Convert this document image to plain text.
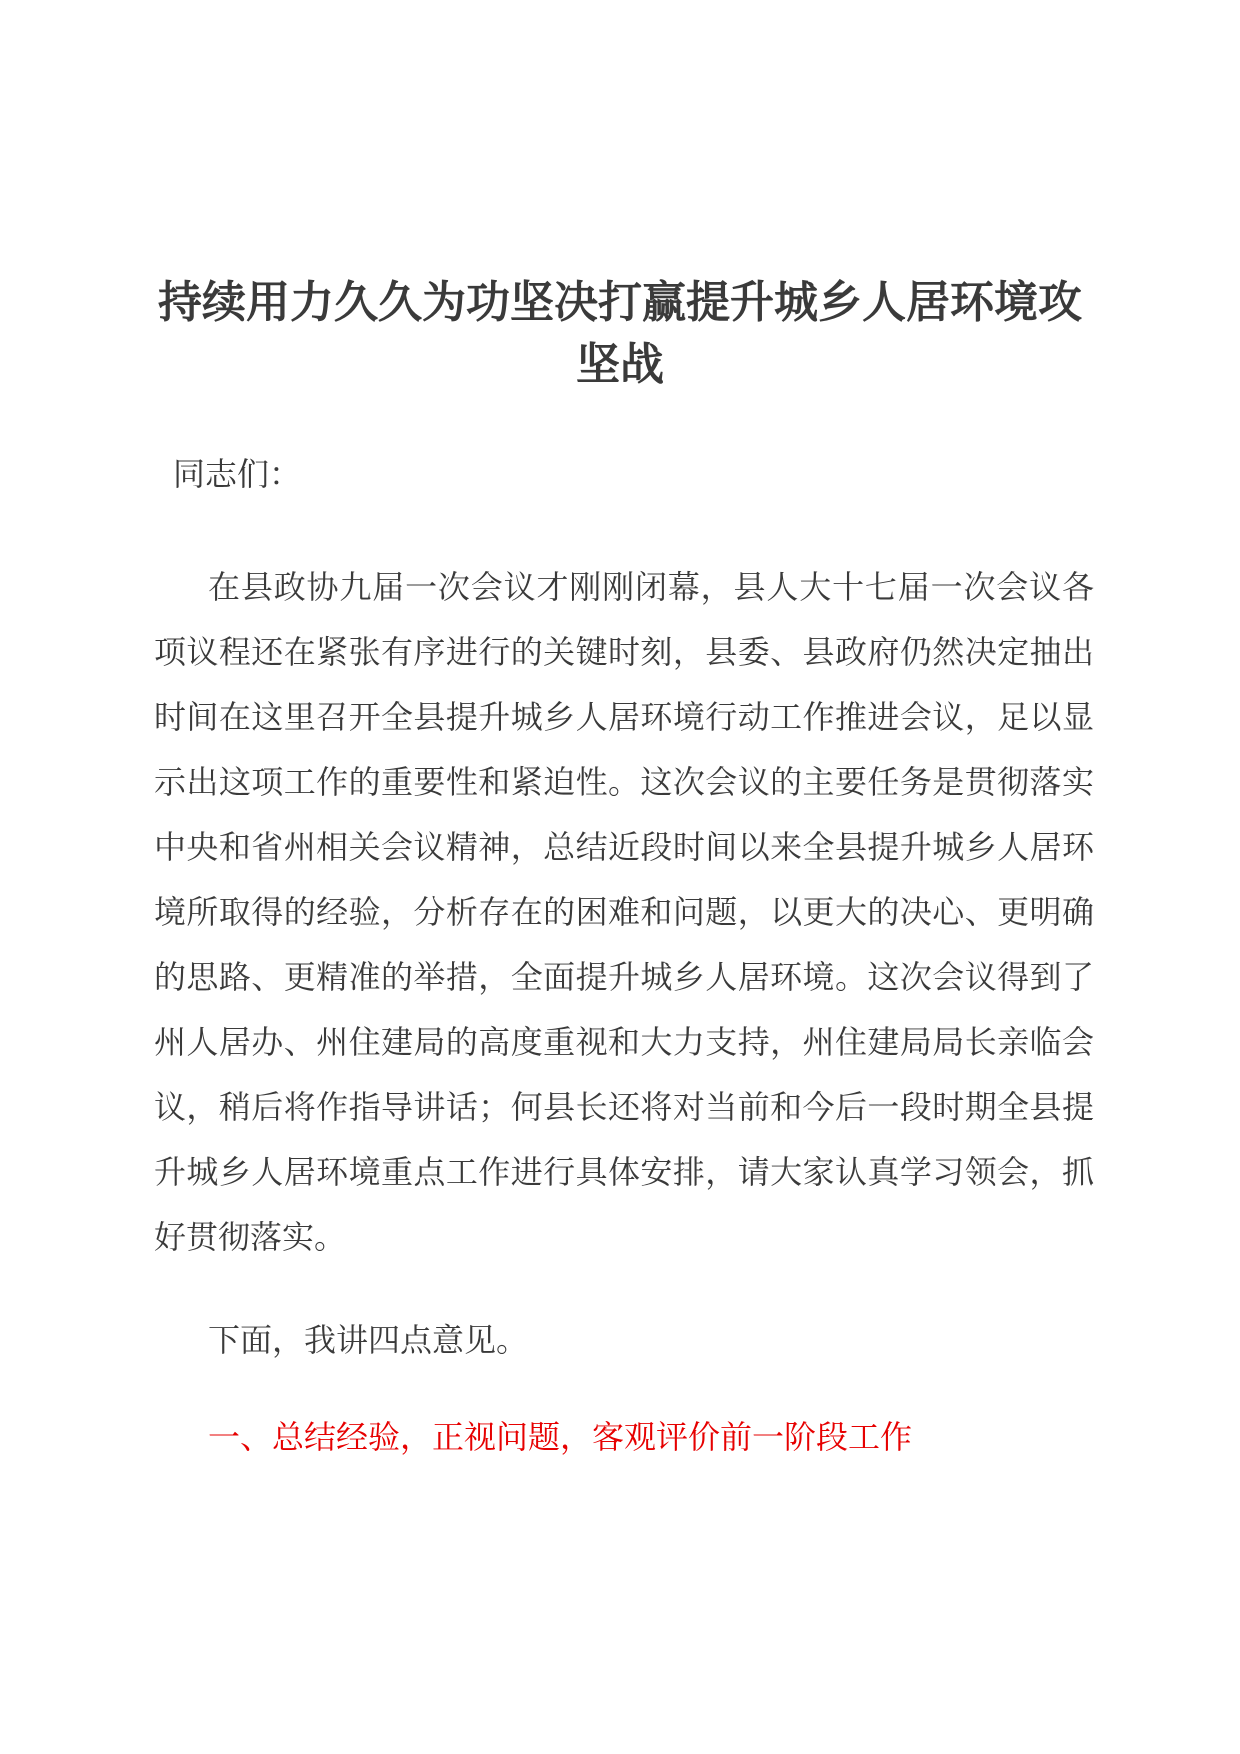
持续用力久久为功坚决打赢提升城乡人居环境攻坚战

同志们：

在县政协九届一次会议才刚刚闭幕，县人大十七届一次会议各项议程还在紧张有序进行的关键时刻，县委、县政府仍然决定抽出时间在这里召开全县提升城乡人居环境行动工作推进会议，足以显示出这项工作的重要性和紧迫性。这次会议的主要任务是贯彻落实中央和省州相关会议精神，总结近段时间以来全县提升城乡人居环境所取得的经验，分析存在的困难和问题，以更大的决心、更明确的思路、更精准的举措，全面提升城乡人居环境。这次会议得到了州人居办、州住建局的高度重视和大力支持，州住建局局长亲临会议，稍后将作指导讲话；何县长还将对当前和今后一段时期全县提升城乡人居环境重点工作进行具体安排，请大家认真学习领会，抓好贯彻落实。

下面，我讲四点意见。

一、总结经验，正视问题，客观评价前一阶段工作
